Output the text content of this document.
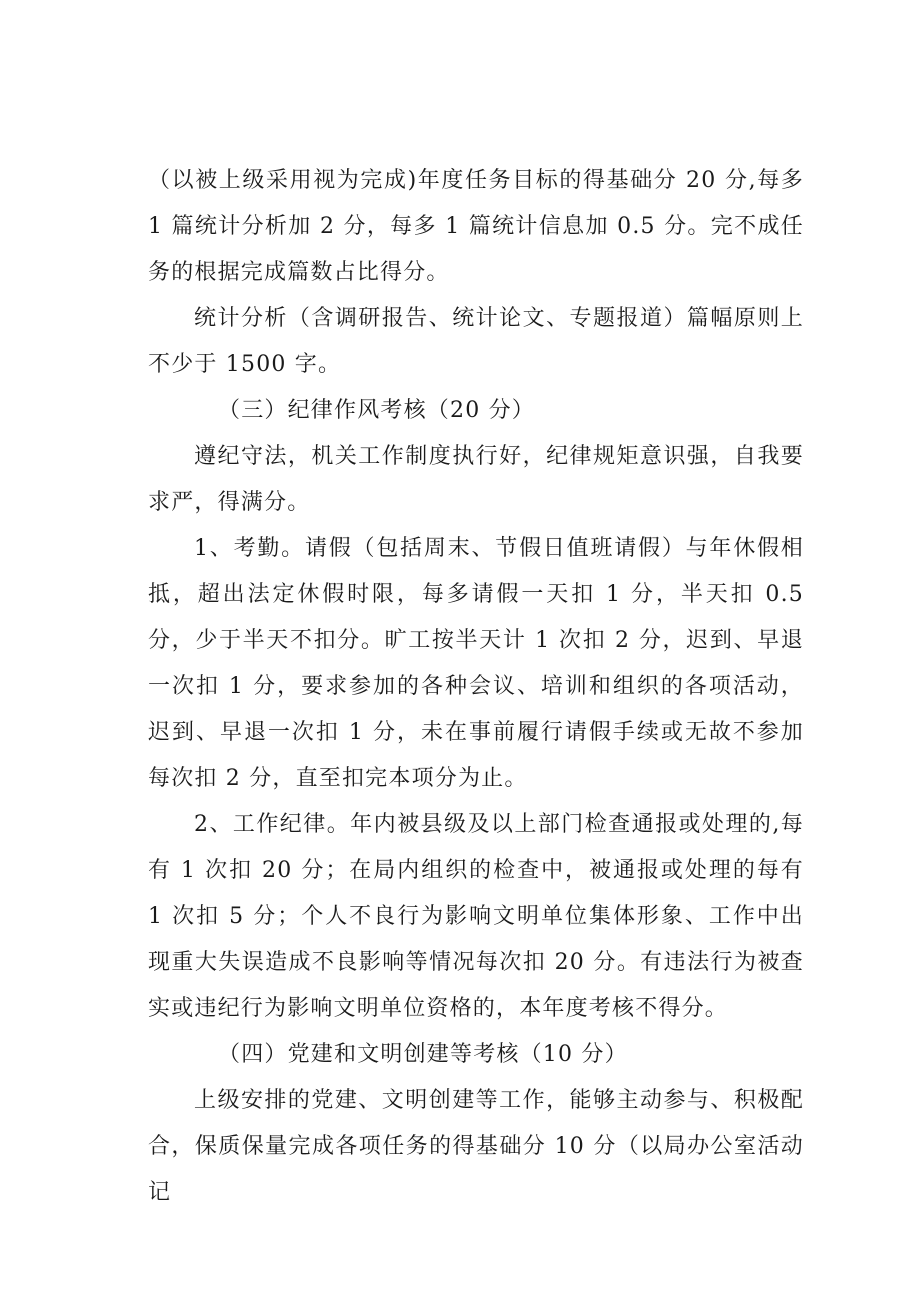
（以被上级采用视为完成)年度任务目标的得基础分 20 分,每多 1 篇统计分析加 2 分，每多 1 篇统计信息加 0.5 分。完不成任务的根据完成篇数占比得分。

统计分析（含调研报告、统计论文、专题报道）篇幅原则上不少于 1500 字。

（三）纪律作风考核（20 分）

遵纪守法，机关工作制度执行好，纪律规矩意识强，自我要求严，得满分。

1、考勤。请假（包括周末、节假日值班请假）与年休假相抵，超出法定休假时限，每多请假一天扣 1 分，半天扣 0.5 分，少于半天不扣分。旷工按半天计 1 次扣 2 分，迟到、早退一次扣 1 分，要求参加的各种会议、培训和组织的各项活动，迟到、早退一次扣 1 分，未在事前履行请假手续或无故不参加每次扣 2 分，直至扣完本项分为止。

2、工作纪律。年内被县级及以上部门检查通报或处理的,每有 1 次扣 20 分；在局内组织的检查中，被通报或处理的每有 1 次扣 5 分；个人不良行为影响文明单位集体形象、工作中出现重大失误造成不良影响等情况每次扣 20 分。有违法行为被查实或违纪行为影响文明单位资格的，本年度考核不得分。

（四）党建和文明创建等考核（10 分）

上级安排的党建、文明创建等工作，能够主动参与、积极配合，保质保量完成各项任务的得基础分 10 分（以局办公室活动记
